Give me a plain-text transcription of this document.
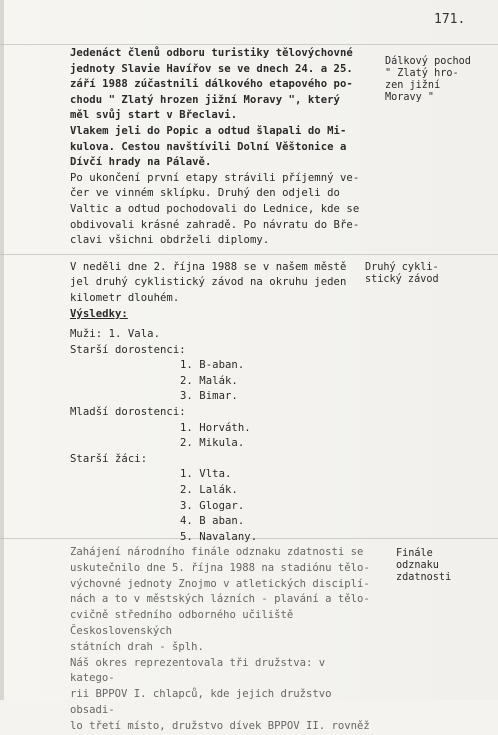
171.
Dálkový pochod
" Zlatý hro-
zen jižní
Moravy "
Druhý cykli-
stický závod
Finále
odznaku
zdatnosti

Jedenáct členů odboru turistiky tělovýchovné

jednoty Slavie Havířov se ve dnech 24. a 25.

září 1988 zúčastnili dálkového etapového po-

chodu " Zlatý hrozen jižní Moravy ", který

měl svůj start v Břeclavi.

Vlakem jeli do Popic a odtud šlapali do Mi-

kulova. Cestou navštívili Dolní Věštonice a

Dívčí hrady na Pálavě.

Po ukončení první etapy strávili příjemný ve-

čer ve vinném sklípku. Druhý den odjeli do

Valtic a odtud pochodovali do Lednice, kde se

obdivovali krásné zahradě. Po návratu do Bře-

clavi všichni obdrželi diplomy.

V neděli dne 2. října 1988 se v našem městě

jel druhý cyklistický závod na okruhu jeden

kilometr dlouhém.

Výsledky:

Muži: 1. Vala.

Starší dorostenci:

1. B-aban.

2. Malák.

3. Bimar.

Mladší dorostenci:

1. Horváth.

2. Mikula.

Starší žáci:

1. Vlta.

2. Lalák.

3. Glogar.

4. B aban.

5. Navalany.

Zahájení národního finále odznaku zdatnosti se

uskutečnilo dne 5. října 1988 na stadiónu tělo-

výchovné jednoty Znojmo v atletických disciplí-

nách a to v městských lázních - plavání a tělo-

cvičně středního odborného učiliště Československých

státních drah - šplh.

Náš okres reprezentovala tři družstva: v katego-

rii BPPOV I. chlapců, kde jejich družstvo obsadi-

lo třetí místo, družstvo dívek BPPOV II. rovněž
